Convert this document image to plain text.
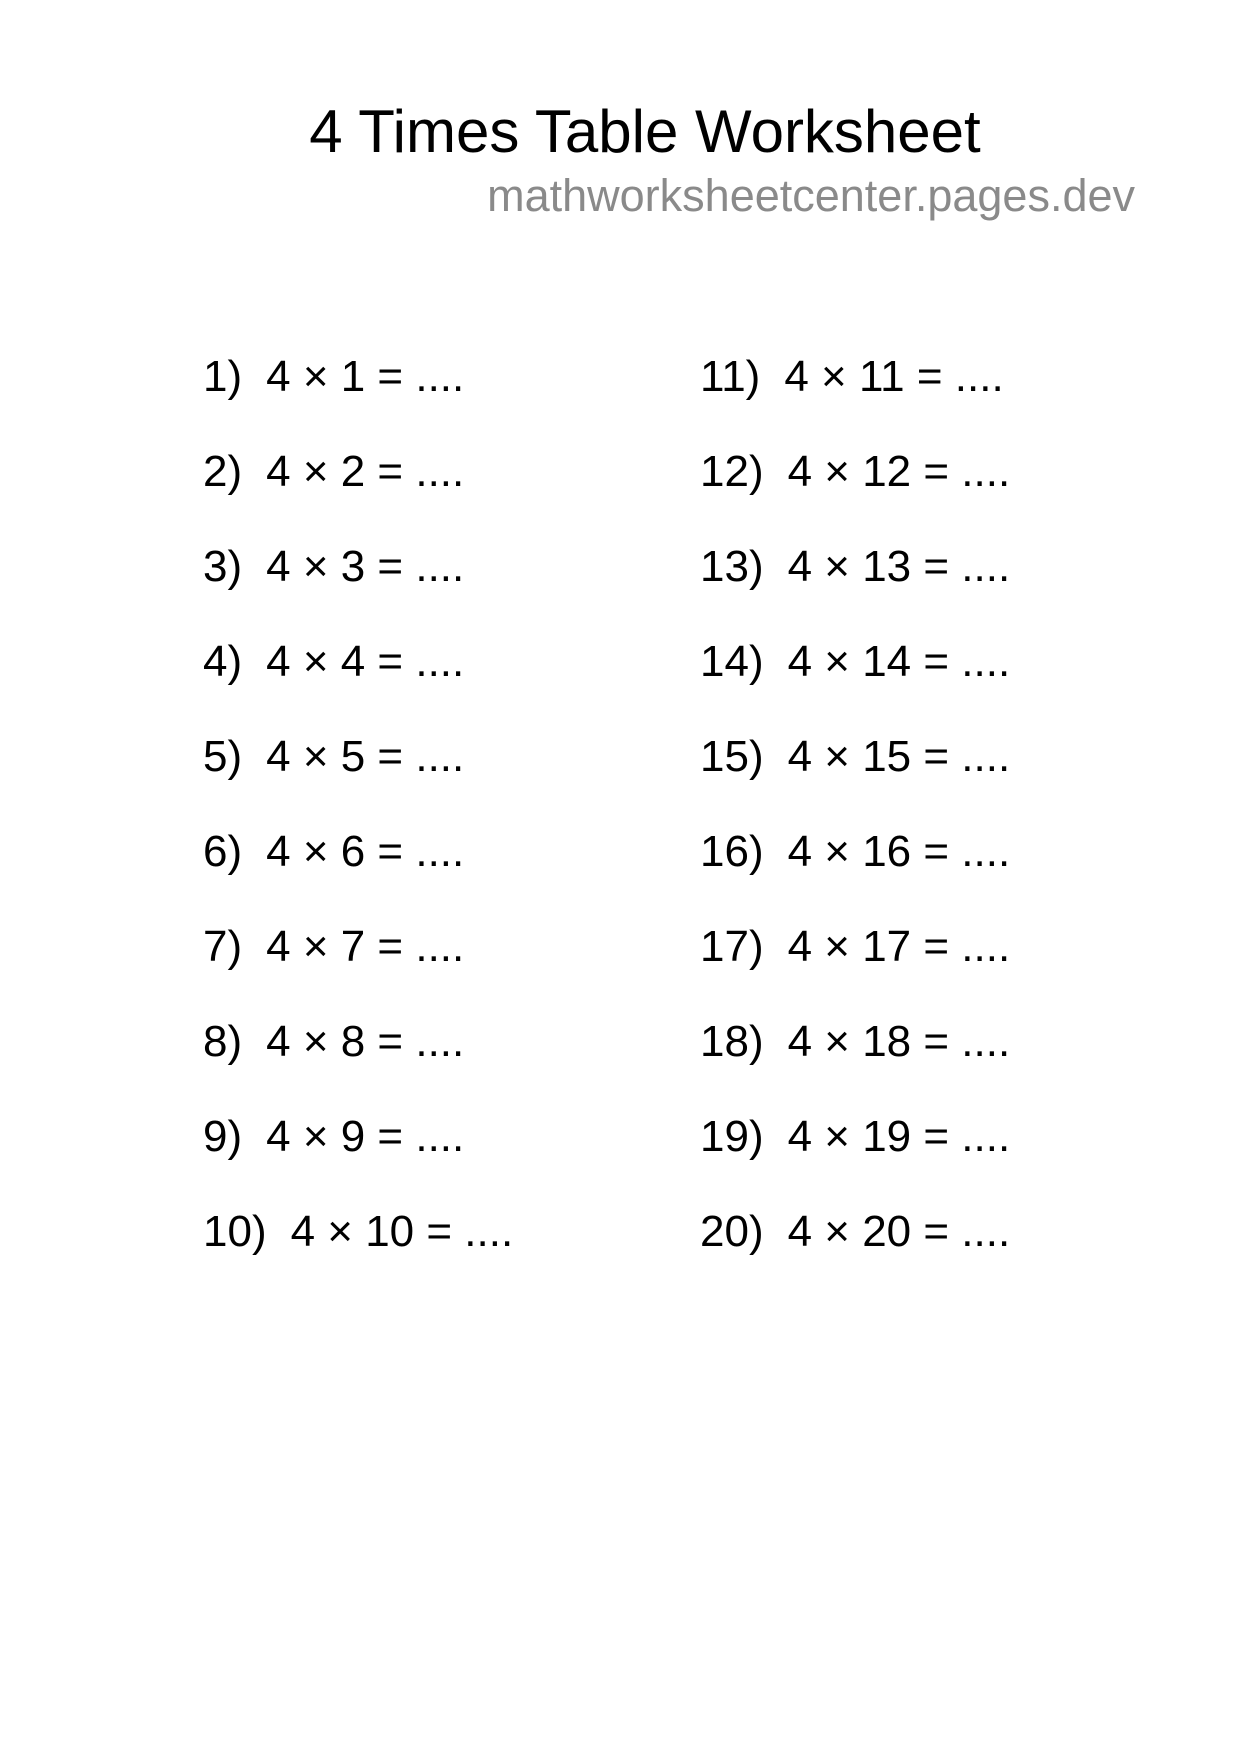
4 Times Table Worksheet
mathworksheetcenter.pages.dev
1) 4 × 1 = ....
2) 4 × 2 = ....
3) 4 × 3 = ....
4) 4 × 4 = ....
5) 4 × 5 = ....
6) 4 × 6 = ....
7) 4 × 7 = ....
8) 4 × 8 = ....
9) 4 × 9 = ....
10) 4 × 10 = ....
11) 4 × 11 = ....
12) 4 × 12 = ....
13) 4 × 13 = ....
14) 4 × 14 = ....
15) 4 × 15 = ....
16) 4 × 16 = ....
17) 4 × 17 = ....
18) 4 × 18 = ....
19) 4 × 19 = ....
20) 4 × 20 = ....
